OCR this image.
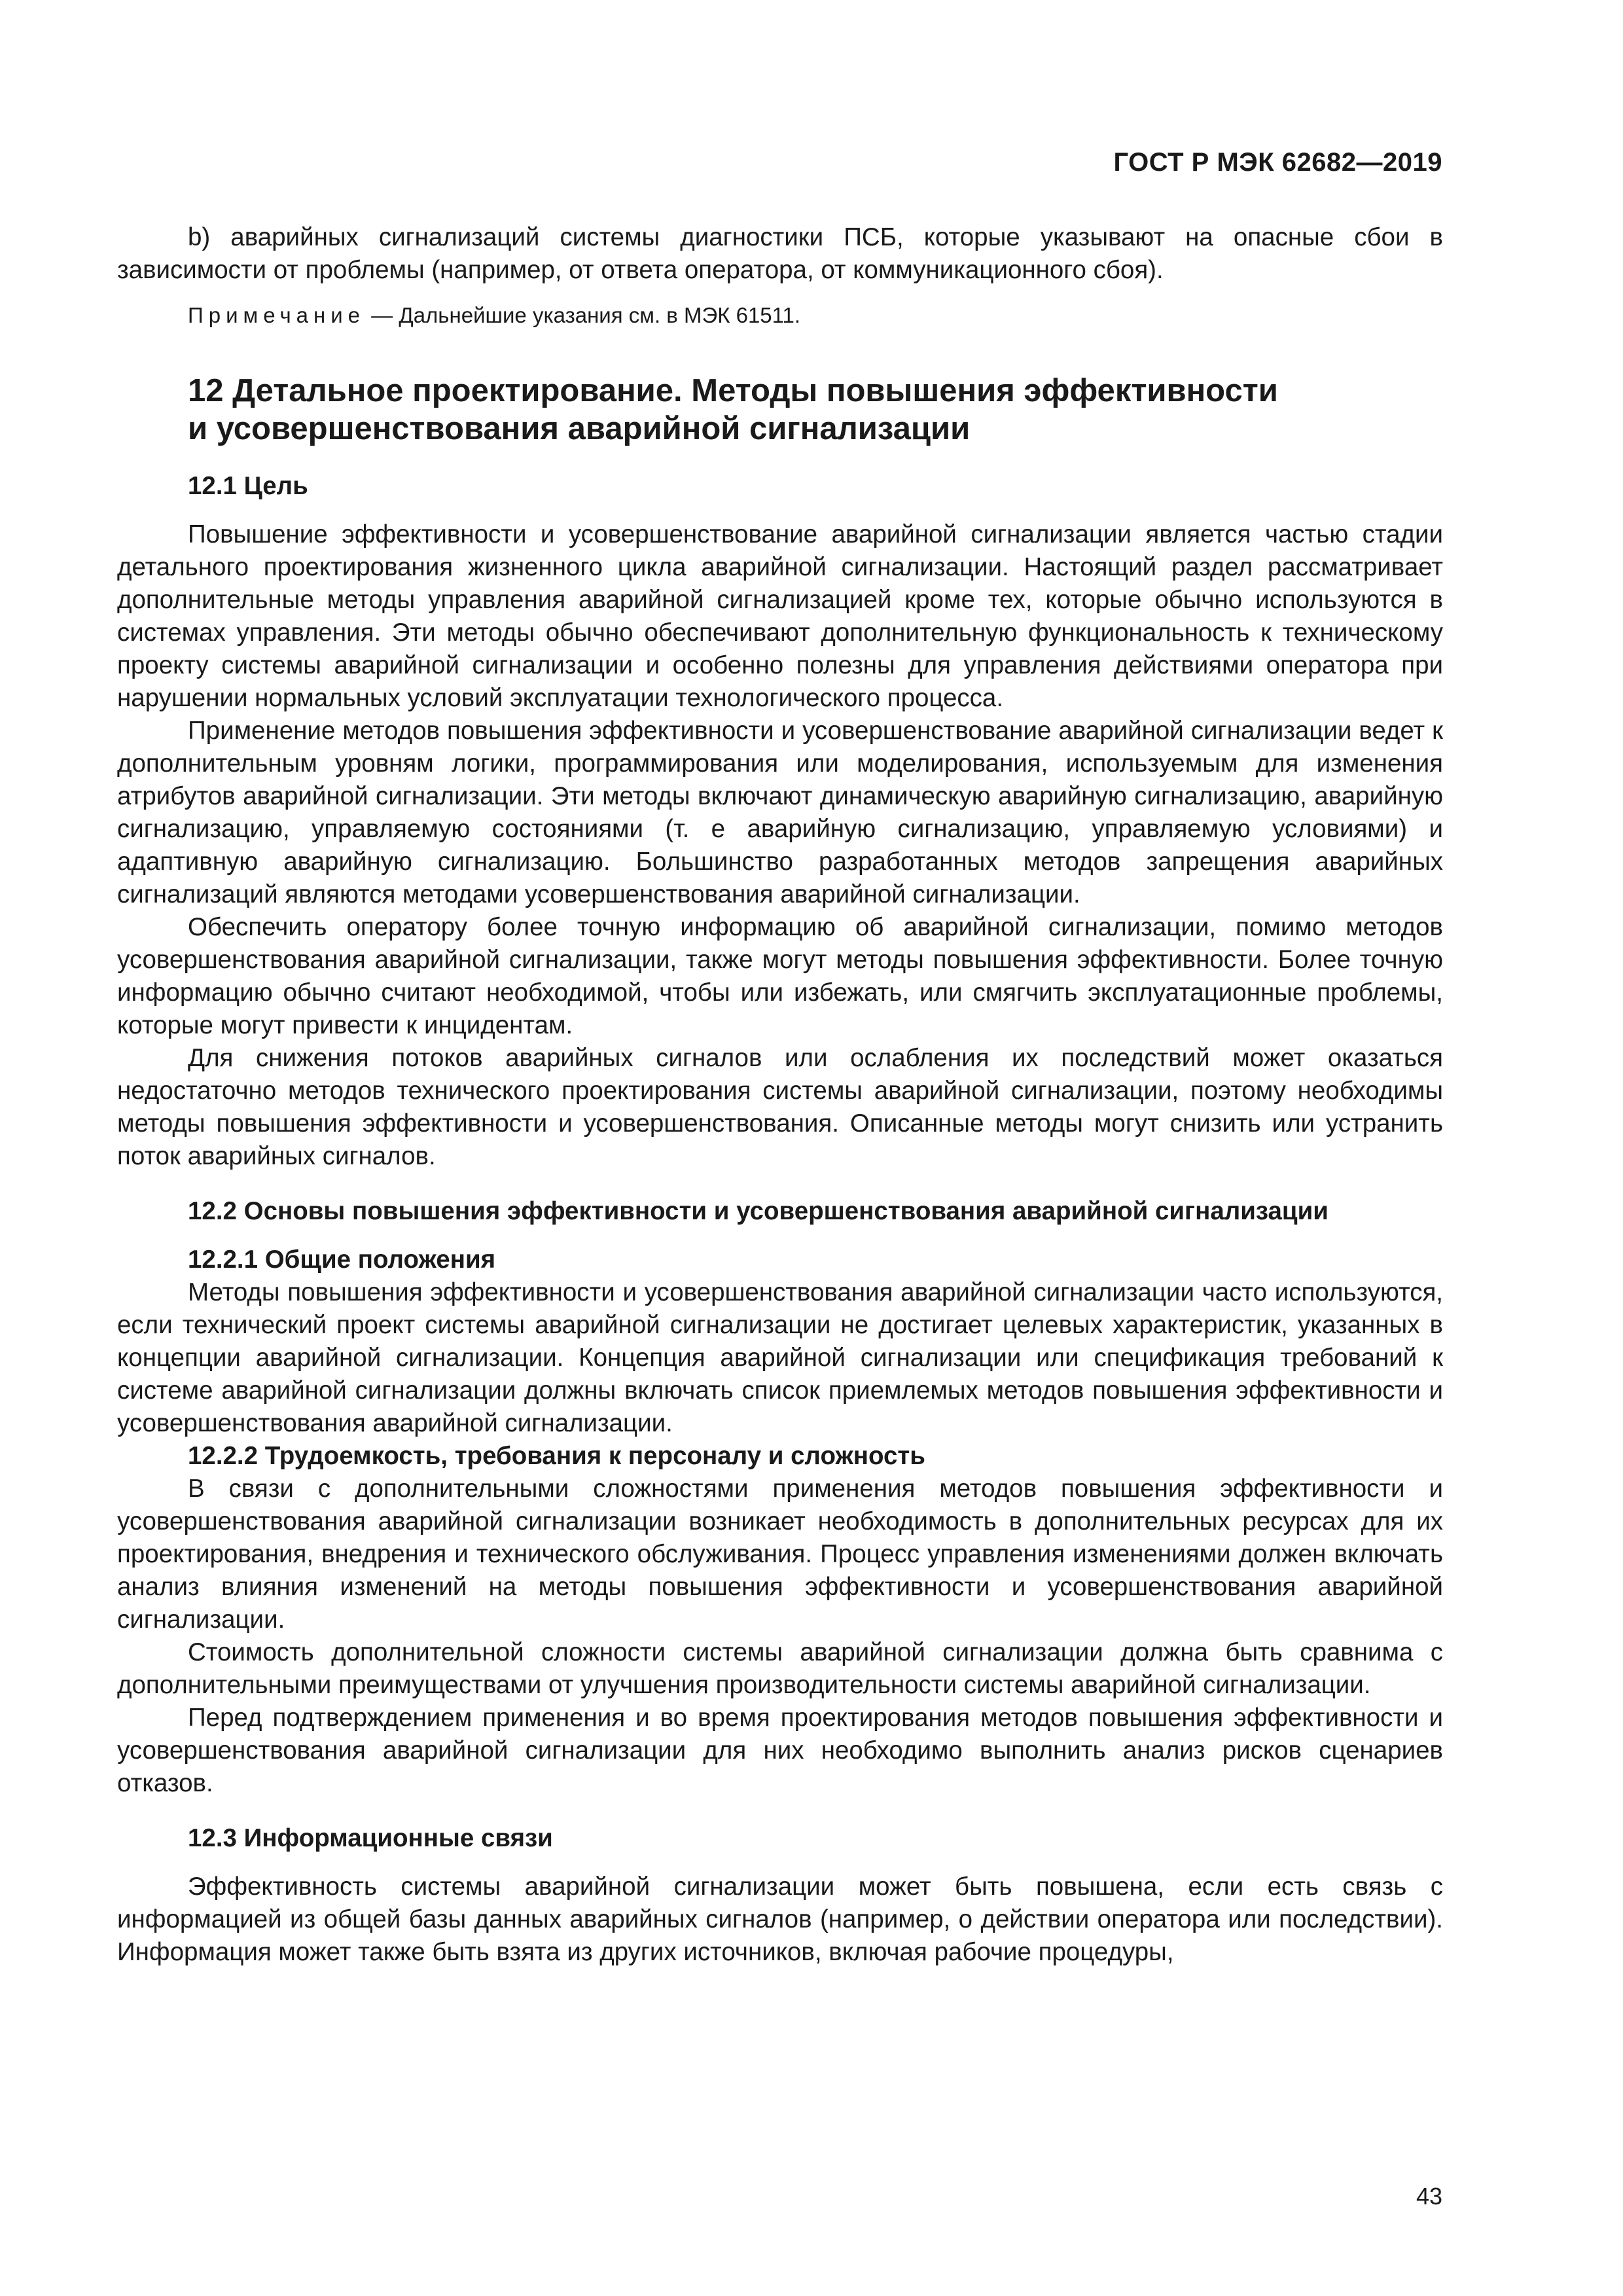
ГОСТ Р МЭК 62682—2019

b) аварийных сигнализаций системы диагностики ПСБ, которые указывают на опасные сбои в зависимости от проблемы (например, от ответа оператора, от коммуникационного сбоя).

Примечание — Дальнейшие указания см. в МЭК 61511.

12 Детальное проектирование. Методы повышения эффективности
и усовершенствования аварийной сигнализации
12.1 Цель

Повышение эффективности и усовершенствование аварийной сигнализации является частью стадии детального проектирования жизненного цикла аварийной сигнализации. Настоящий раздел рассматривает дополнительные методы управления аварийной сигнализацией кроме тех, которые обычно используются в системах управления. Эти методы обычно обеспечивают дополнительную функциональность к техническому проекту системы аварийной сигнализации и особенно полезны для управления действиями оператора при нарушении нормальных условий эксплуатации технологического процесса.

Применение методов повышения эффективности и усовершенствование аварийной сигнализации ведет к дополнительным уровням логики, программирования или моделирования, используемым для изменения атрибутов аварийной сигнализации. Эти методы включают динамическую аварийную сигнализацию, аварийную сигнализацию, управляемую состояниями (т. е аварийную сигнализацию, управляемую условиями) и адаптивную аварийную сигнализацию. Большинство разработанных методов запрещения аварийных сигнализаций являются методами усовершенствования аварийной сигнализации.

Обеспечить оператору более точную информацию об аварийной сигнализации, помимо методов усовершенствования аварийной сигнализации, также могут методы повышения эффективности. Более точную информацию обычно считают необходимой, чтобы или избежать, или смягчить эксплуатационные проблемы, которые могут привести к инцидентам.

Для снижения потоков аварийных сигналов или ослабления их последствий может оказаться недостаточно методов технического проектирования системы аварийной сигнализации, поэтому необходимы методы повышения эффективности и усовершенствования. Описанные методы могут снизить или устранить поток аварийных сигналов.

12.2 Основы повышения эффективности и усовершенствования аварийной сигнализации
12.2.1 Общие положения

Методы повышения эффективности и усовершенствования аварийной сигнализации часто используются, если технический проект системы аварийной сигнализации не достигает целевых характеристик, указанных в концепции аварийной сигнализации. Концепция аварийной сигнализации или спецификация требований к системе аварийной сигнализации должны включать список приемлемых методов повышения эффективности и усовершенствования аварийной сигнализации.

12.2.2 Трудоемкость, требования к персоналу и сложность

В связи с дополнительными сложностями применения методов повышения эффективности и усовершенствования аварийной сигнализации возникает необходимость в дополнительных ресурсах для их проектирования, внедрения и технического обслуживания. Процесс управления изменениями должен включать анализ влияния изменений на методы повышения эффективности и усовершенствования аварийной сигнализации.

Стоимость дополнительной сложности системы аварийной сигнализации должна быть сравнима с дополнительными преимуществами от улучшения производительности системы аварийной сигнализации.

Перед подтверждением применения и во время проектирования методов повышения эффективности и усовершенствования аварийной сигнализации для них необходимо выполнить анализ рисков сценариев отказов.

12.3 Информационные связи

Эффективность системы аварийной сигнализации может быть повышена, если есть связь с информацией из общей базы данных аварийных сигналов (например, о действии оператора или последствии). Информация может также быть взята из других источников, включая рабочие процедуры,

43
